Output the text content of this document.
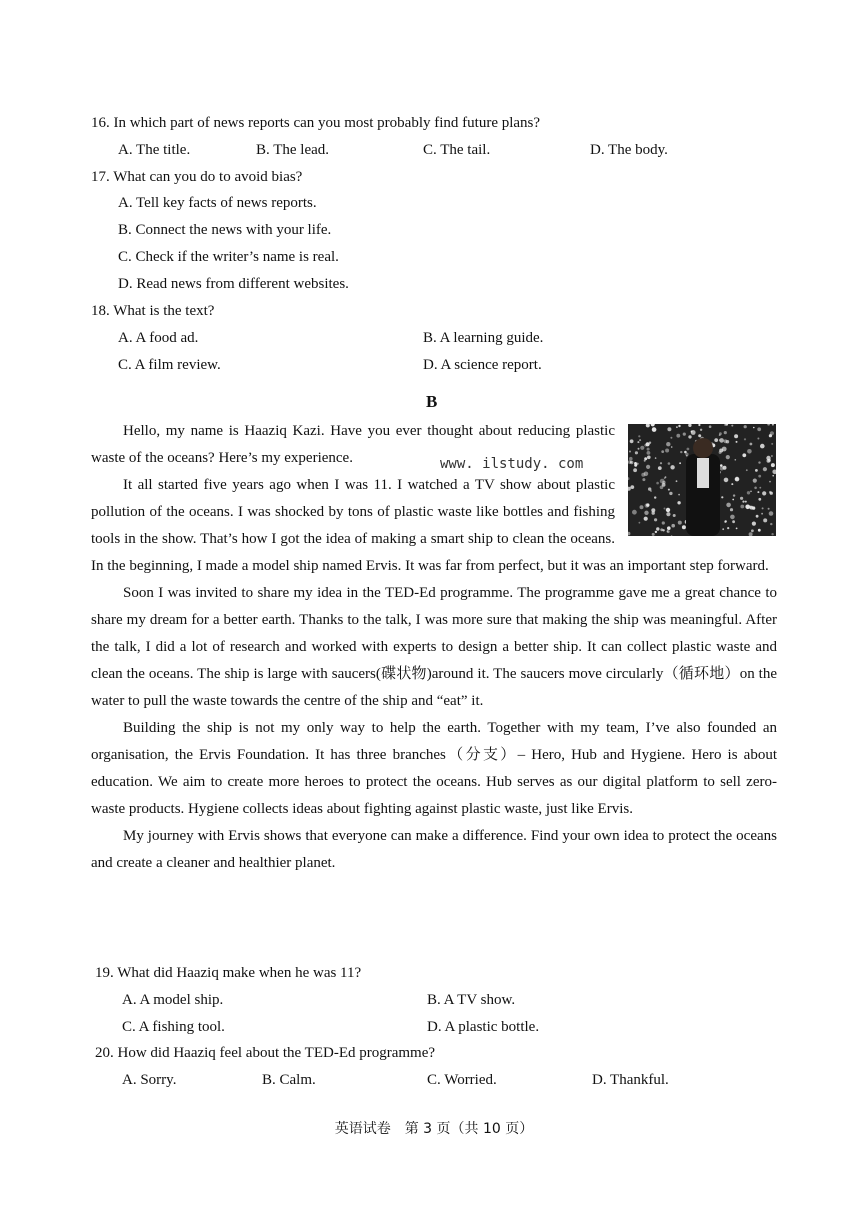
16. In which part of news reports can you most probably find future plans?
A. The title.	B. The lead.	C. The tail.	D. The body.
17. What can you do to avoid bias?
A. Tell key facts of news reports.
B. Connect the news with your life.
C. Check if the writer’s name is real.
D. Read news from different websites.
18. What is the text?
A. A food ad.	B. A learning guide.
C. A film review.	D. A science report.
B
www. ilstudy. com

Hello, my name is Haaziq Kazi. Have you ever thought about reducing plastic waste of the oceans? Here’s my experience.

It all started five years ago when I was 11. I watched a TV show about plastic pollution of the oceans. I was shocked by tons of plastic waste like bottles and fishing tools in the show. That’s how I got the idea of making a smart ship to clean the oceans. In the beginning, I made a model ship named Ervis. It was far from perfect, but it was an important step forward.

Soon I was invited to share my idea in the TED-Ed programme. The programme gave me a great chance to share my dream for a better earth. Thanks to the talk, I was more sure that making the ship was meaningful. After the talk, I did a lot of research and worked with experts to design a better ship. It can collect plastic waste and clean the oceans. The ship is large with saucers(碟状物)around it. The saucers move circularly（循环地）on the water to pull the waste towards the centre of the ship and “eat” it.

Building the ship is not my only way to help the earth. Together with my team, I’ve also founded an organisation, the Ervis Foundation. It has three branches（分支）– Hero, Hub and Hygiene. Hero is about education. We aim to create more heroes to protect the oceans. Hub serves as our digital platform to sell zero-waste products. Hygiene collects ideas about fighting against plastic waste, just like Ervis.

My journey with Ervis shows that everyone can make a difference. Find your own idea to protect the oceans and create a cleaner and healthier planet.

19. What did Haaziq make when he was 11?
A. A model ship.	B. A TV show.
C. A fishing tool.	D. A plastic bottle.
20. How did Haaziq feel about the TED-Ed programme?
A. Sorry.	B. Calm.	C. Worried.	D. Thankful.
英语试卷　第 3 页（共 10 页）
